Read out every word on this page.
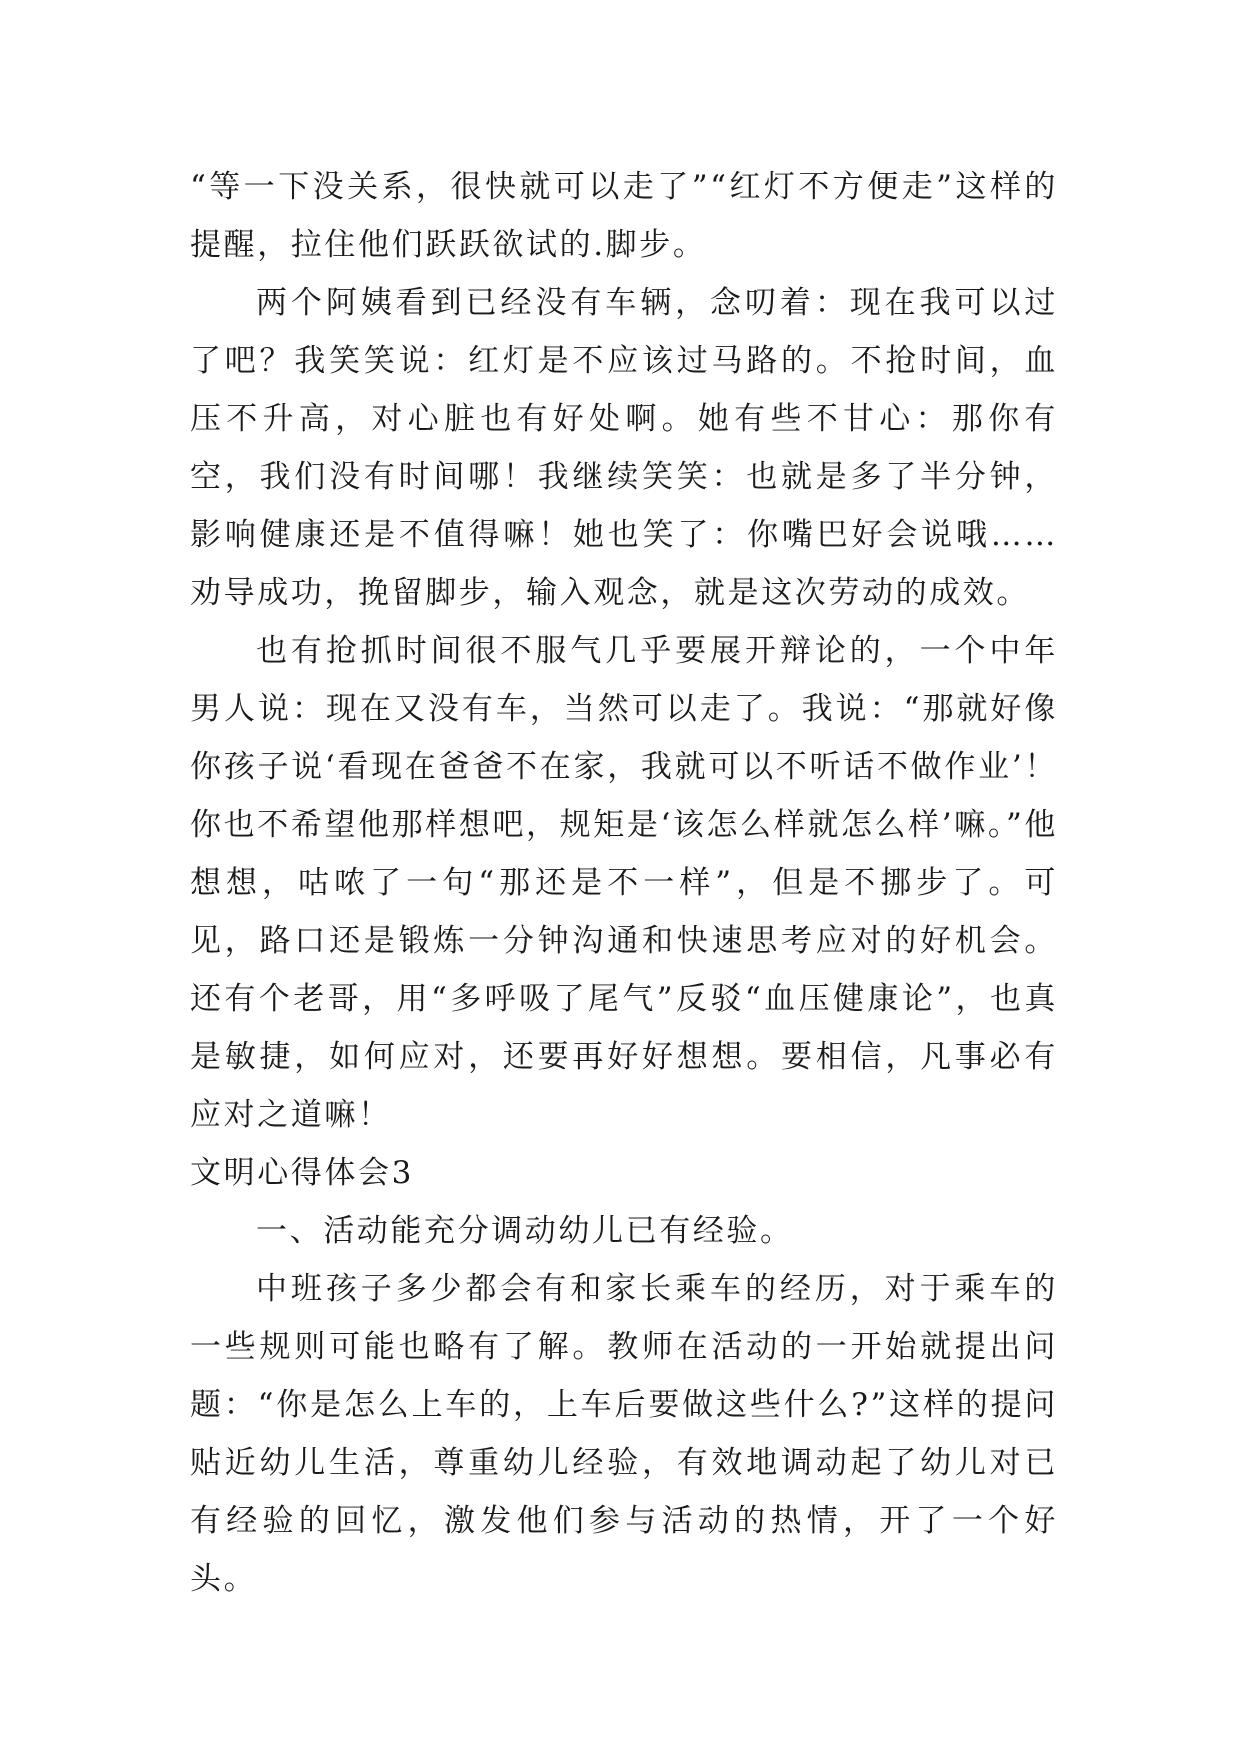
“等一下没关系，很快就可以走了”“红灯不方便走”这样的提醒，拉住他们跃跃欲试的.脚步。

两个阿姨看到已经没有车辆，念叨着：现在我可以过了吧？我笑笑说：红灯是不应该过马路的。不抢时间，血压不升高，对心脏也有好处啊。她有些不甘心：那你有空，我们没有时间哪！我继续笑笑：也就是多了半分钟，影响健康还是不值得嘛！她也笑了：你嘴巴好会说哦……劝导成功，挽留脚步，输入观念，就是这次劳动的成效。

也有抢抓时间很不服气几乎要展开辩论的，一个中年男人说：现在又没有车，当然可以走了。我说：“那就好像你孩子说‘看现在爸爸不在家，我就可以不听话不做作业’！你也不希望他那样想吧，规矩是‘该怎么样就怎么样’嘛。”他想想，咕哝了一句“那还是不一样”，但是不挪步了。可见，路口还是锻炼一分钟沟通和快速思考应对的好机会。还有个老哥，用“多呼吸了尾气”反驳“血压健康论”，也真是敏捷，如何应对，还要再好好想想。要相信，凡事必有应对之道嘛！

文明心得体会3

一、活动能充分调动幼儿已有经验。

中班孩子多少都会有和家长乘车的经历，对于乘车的一些规则可能也略有了解。教师在活动的一开始就提出问题：“你是怎么上车的，上车后要做这些什么?”这样的提问贴近幼儿生活，尊重幼儿经验，有效地调动起了幼儿对已有经验的回忆，激发他们参与活动的热情，开了一个好头。
